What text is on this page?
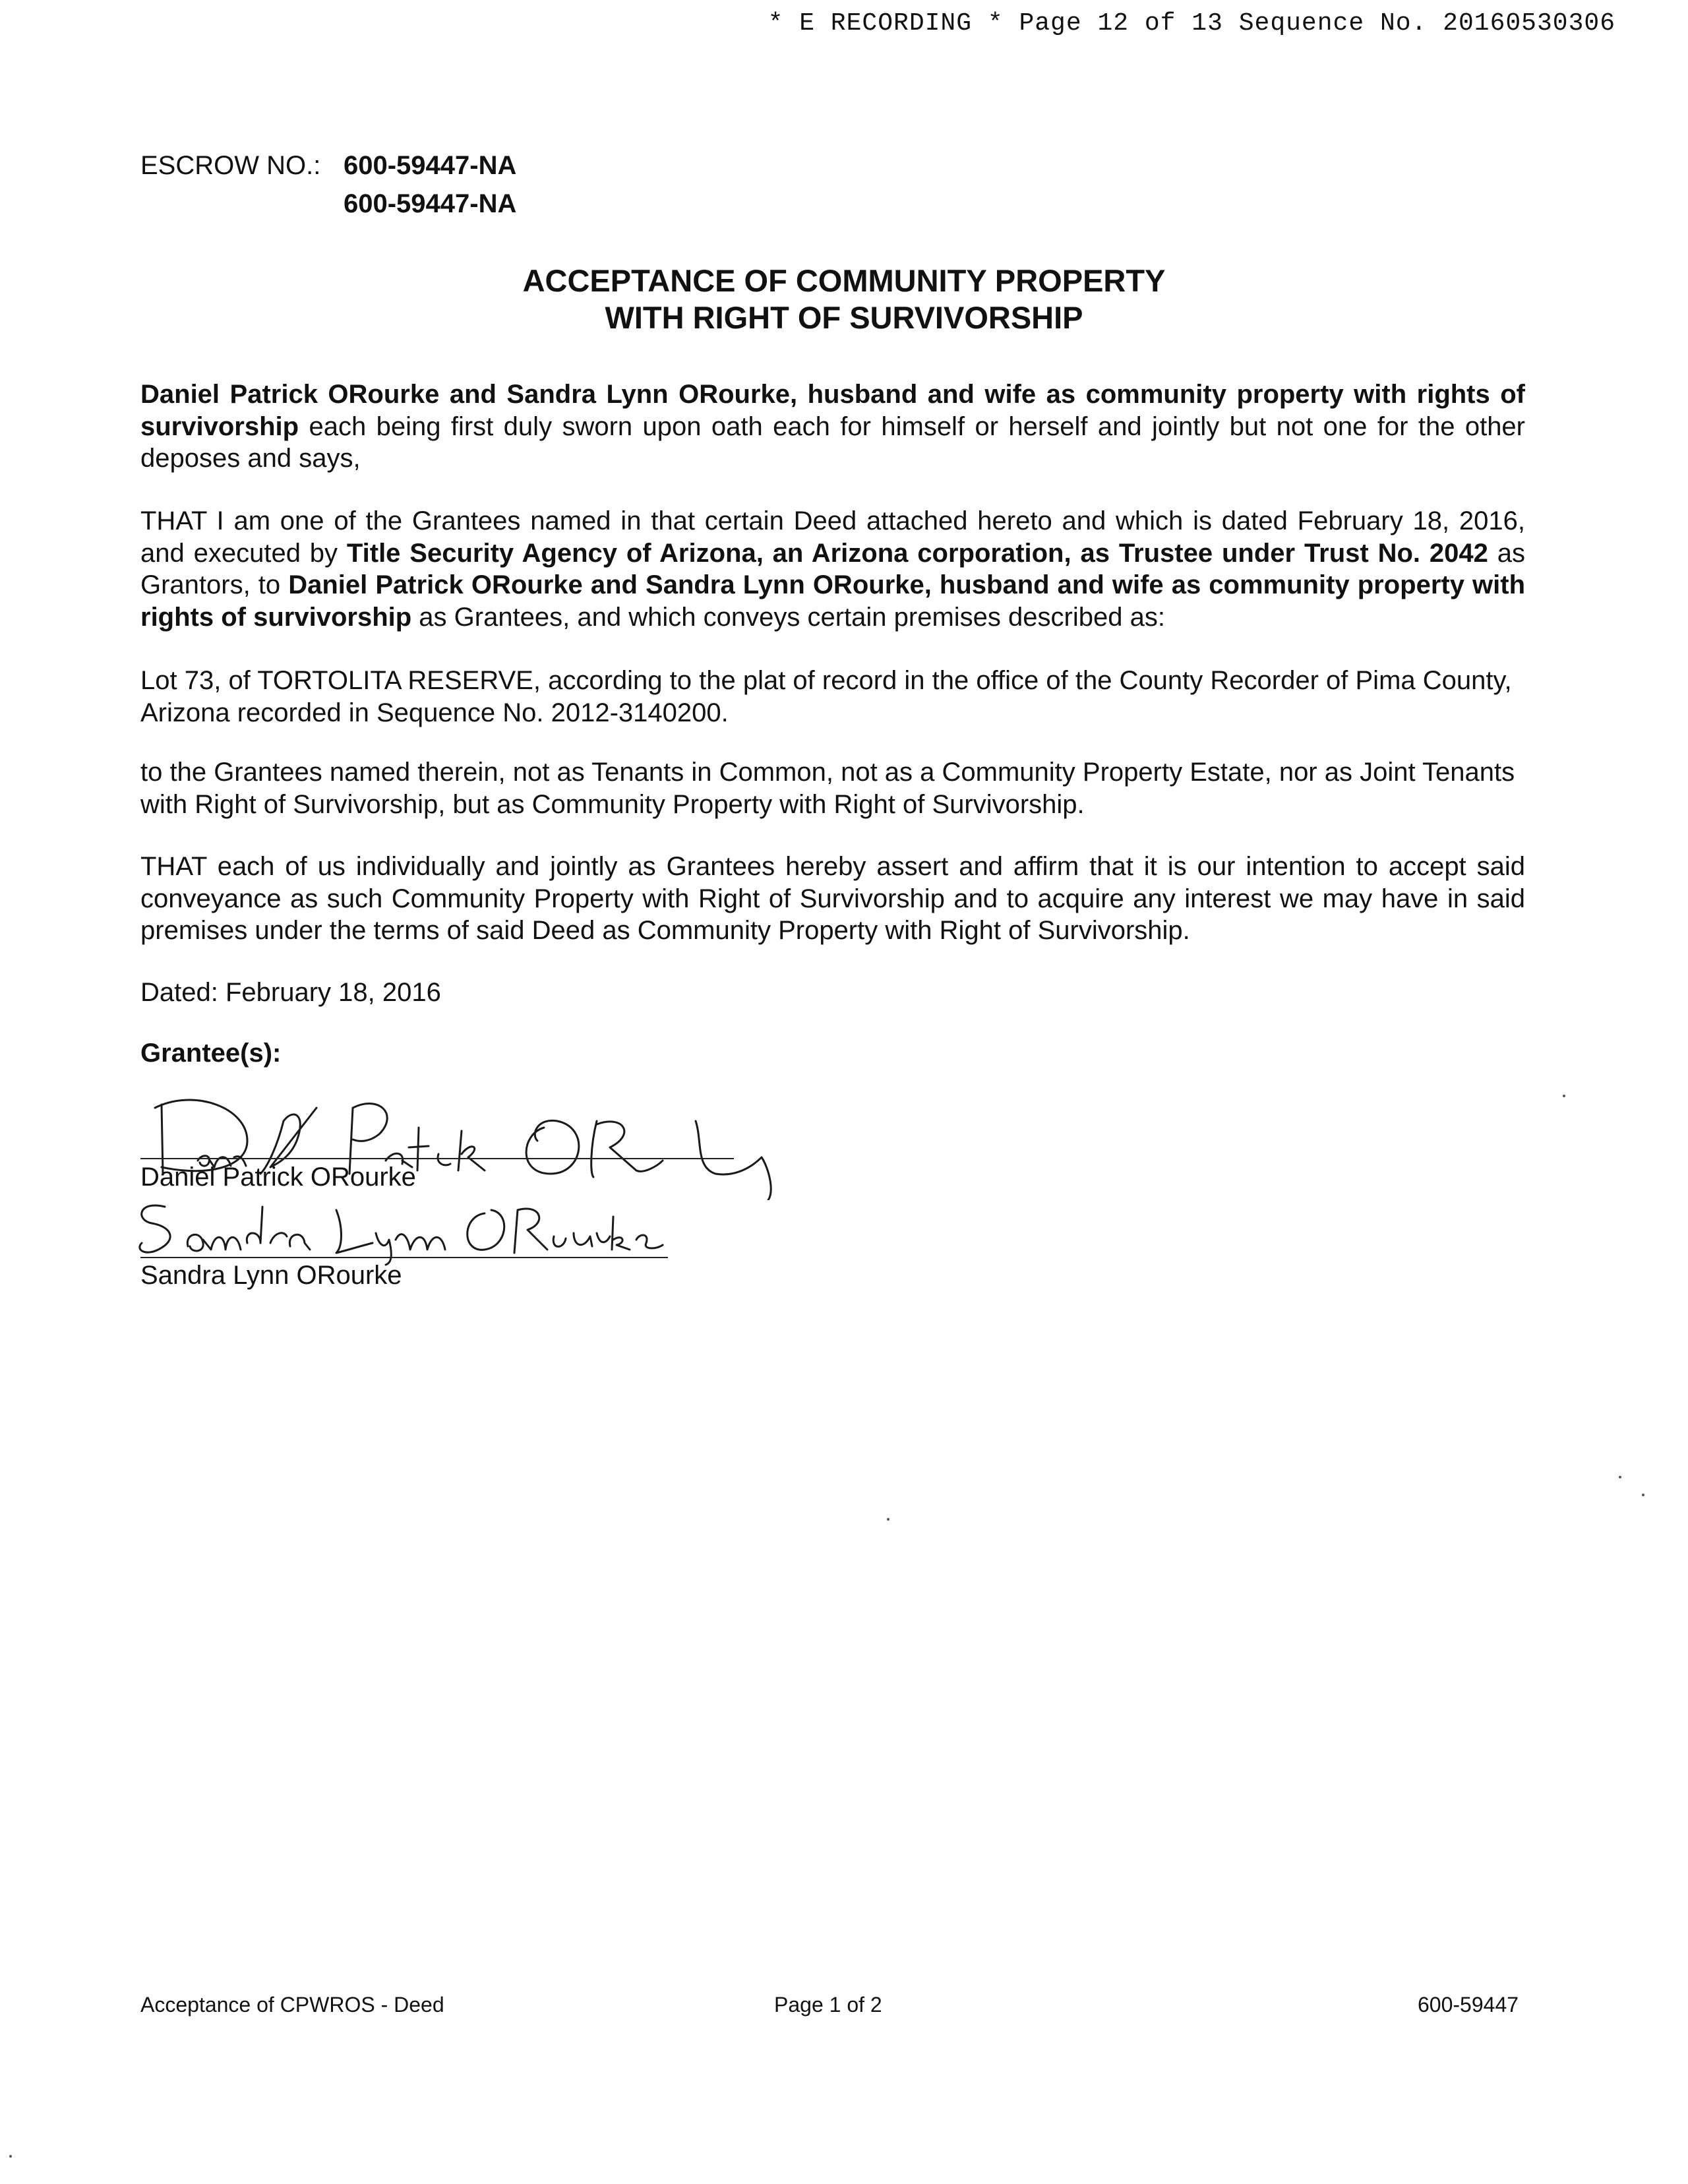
* E RECORDING * Page 12 of 13 Sequence No. 20160530306
ESCROW NO.: 600-59447-NA
600-59447-NA
ACCEPTANCE OF COMMUNITY PROPERTY
WITH RIGHT OF SURVIVORSHIP
Daniel Patrick ORourke and Sandra Lynn ORourke, husband and wife as community property with rights of survivorship each being first duly sworn upon oath each for himself or herself and jointly but not one for the other deposes and says,
THAT I am one of the Grantees named in that certain Deed attached hereto and which is dated February 18, 2016, and executed by Title Security Agency of Arizona, an Arizona corporation, as Trustee under Trust No. 2042 as Grantors, to Daniel Patrick ORourke and Sandra Lynn ORourke, husband and wife as community property with rights of survivorship as Grantees, and which conveys certain premises described as:
Lot 73, of TORTOLITA RESERVE, according to the plat of record in the office of the County Recorder of Pima County, Arizona recorded in Sequence No. 2012-3140200.
to the Grantees named therein, not as Tenants in Common, not as a Community Property Estate, nor as Joint Tenants with Right of Survivorship, but as Community Property with Right of Survivorship.
THAT each of us individually and jointly as Grantees hereby assert and affirm that it is our intention to accept said conveyance as such Community Property with Right of Survivorship and to acquire any interest we may have in said premises under the terms of said Deed as Community Property with Right of Survivorship.
Dated: February 18, 2016
Grantee(s):
Daniel Patrick ORourke
Sandra Lynn ORourke
Acceptance of CPWROS - Deed	Page 1 of 2	600-59447
